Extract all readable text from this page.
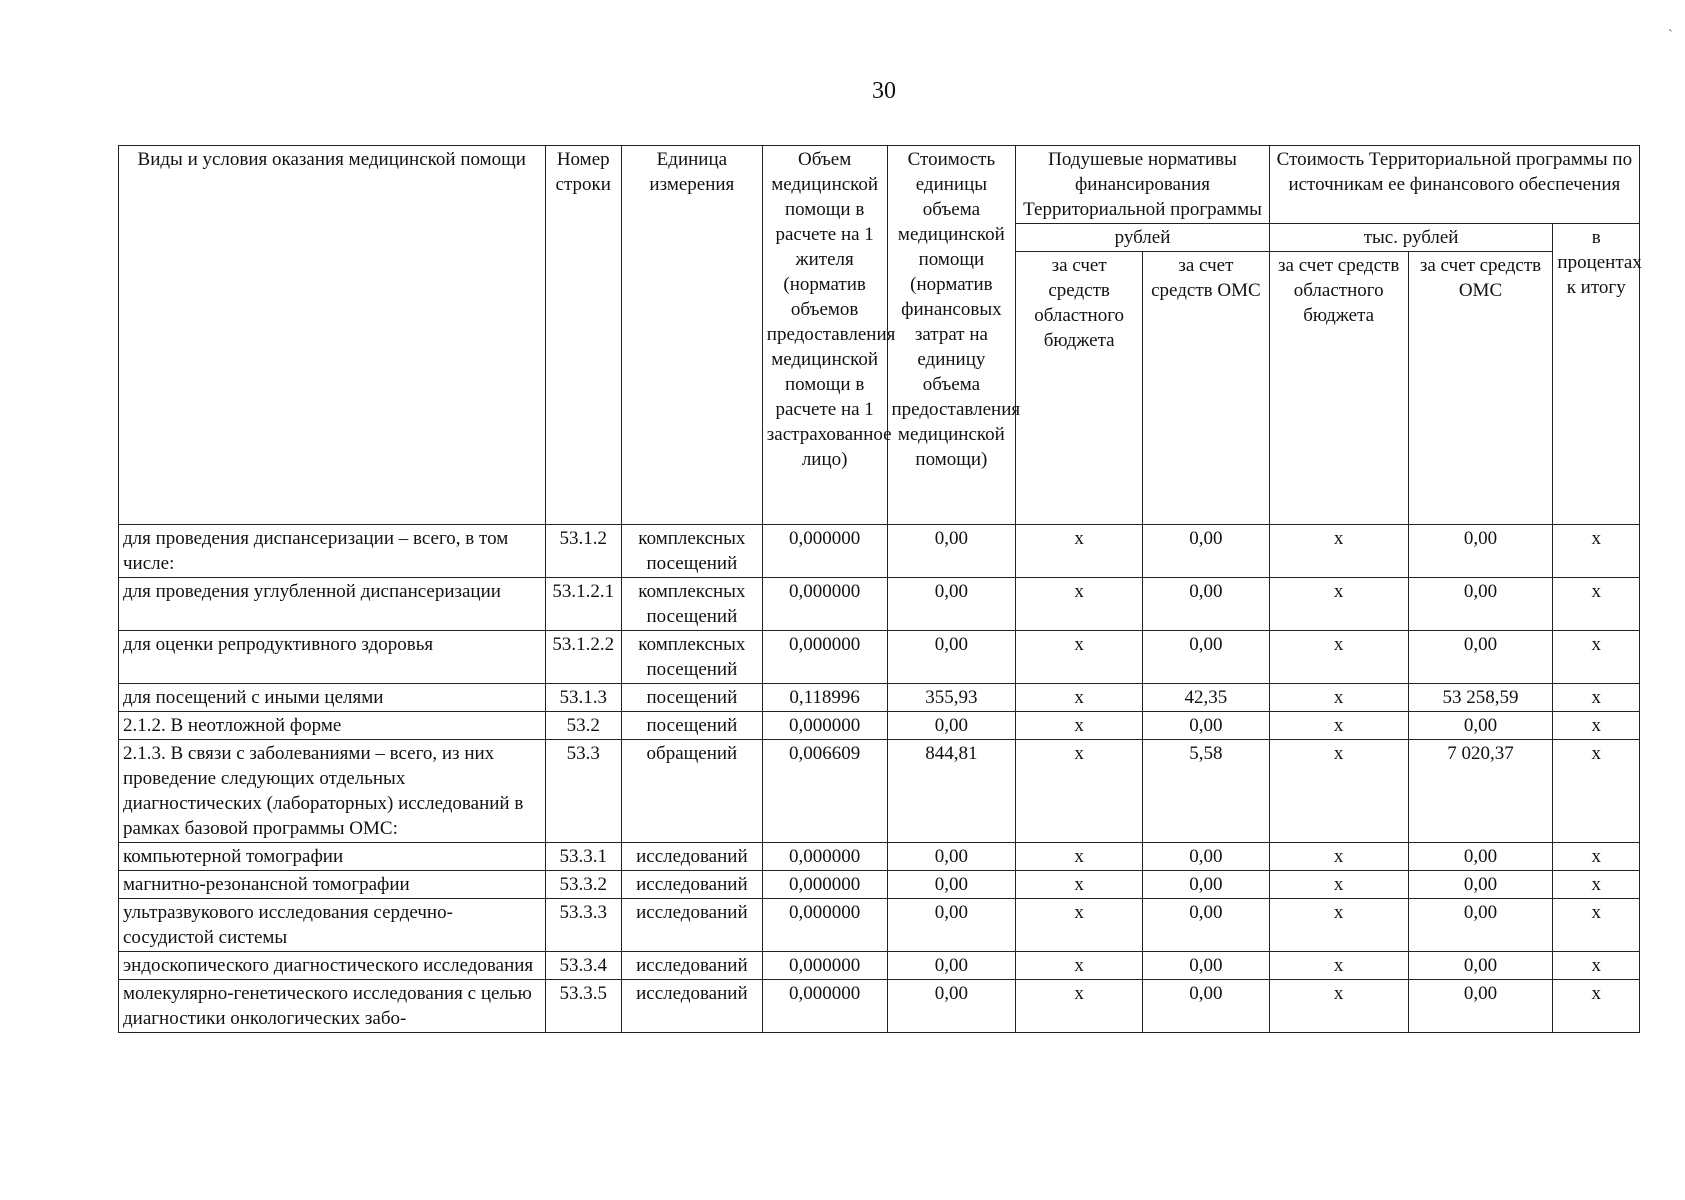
`
30
Виды и условия оказания медицинской помощи	Номер строки	Единица измерения	Объем медицинской помощи в расчете на 1 жителя (норматив объемов предоставления медицинской помощи в расчете на 1 застрахованное лицо)	Стоимость единицы объема медицинской помощи (норматив финансовых затрат на единицу объема предоставления медицинской помощи)	Подушевые нормативы финансирования Территориальной программы		Стоимость Территориальной программы по источникам ее финансового обеспечения		
					рублей		тыс. рублей		в процентах к итогу
					за счет средств областного бюджета	за счет средств ОМС	за счет средств областного бюджета	за счет средств ОМС	
для проведения диспансеризации – всего, в том числе:	53.1.2	комплексных посещений	0,000000	0,00	х	0,00	х	0,00	х
для проведения углубленной диспансеризации	53.1.2.1	комплексных посещений	0,000000	0,00	х	0,00	х	0,00	х
для оценки репродуктивного здоровья	53.1.2.2	комплексных посещений	0,000000	0,00	х	0,00	х	0,00	х
для посещений с иными целями	53.1.3	посещений	0,118996	355,93	х	42,35	х	53 258,59	х
2.1.2. В неотложной форме	53.2	посещений	0,000000	0,00	х	0,00	х	0,00	х
2.1.3. В связи с заболеваниями – всего, из них проведение следующих отдельных диагностических (лабораторных) исследований в рамках базовой программы ОМС:	53.3	обращений	0,006609	844,81	х	5,58	х	7 020,37	х
компьютерной томографии	53.3.1	исследований	0,000000	0,00	х	0,00	х	0,00	х
магнитно-резонансной томографии	53.3.2	исследований	0,000000	0,00	х	0,00	х	0,00	х
ультразвукового исследования сердечно-сосудистой системы	53.3.3	исследований	0,000000	0,00	х	0,00	х	0,00	х
эндоскопического диагностического исследования	53.3.4	исследований	0,000000	0,00	х	0,00	х	0,00	х
молекулярно-генетического исследования с целью диагностики онкологических забо-	53.3.5	исследований	0,000000	0,00	х	0,00	х	0,00	х
